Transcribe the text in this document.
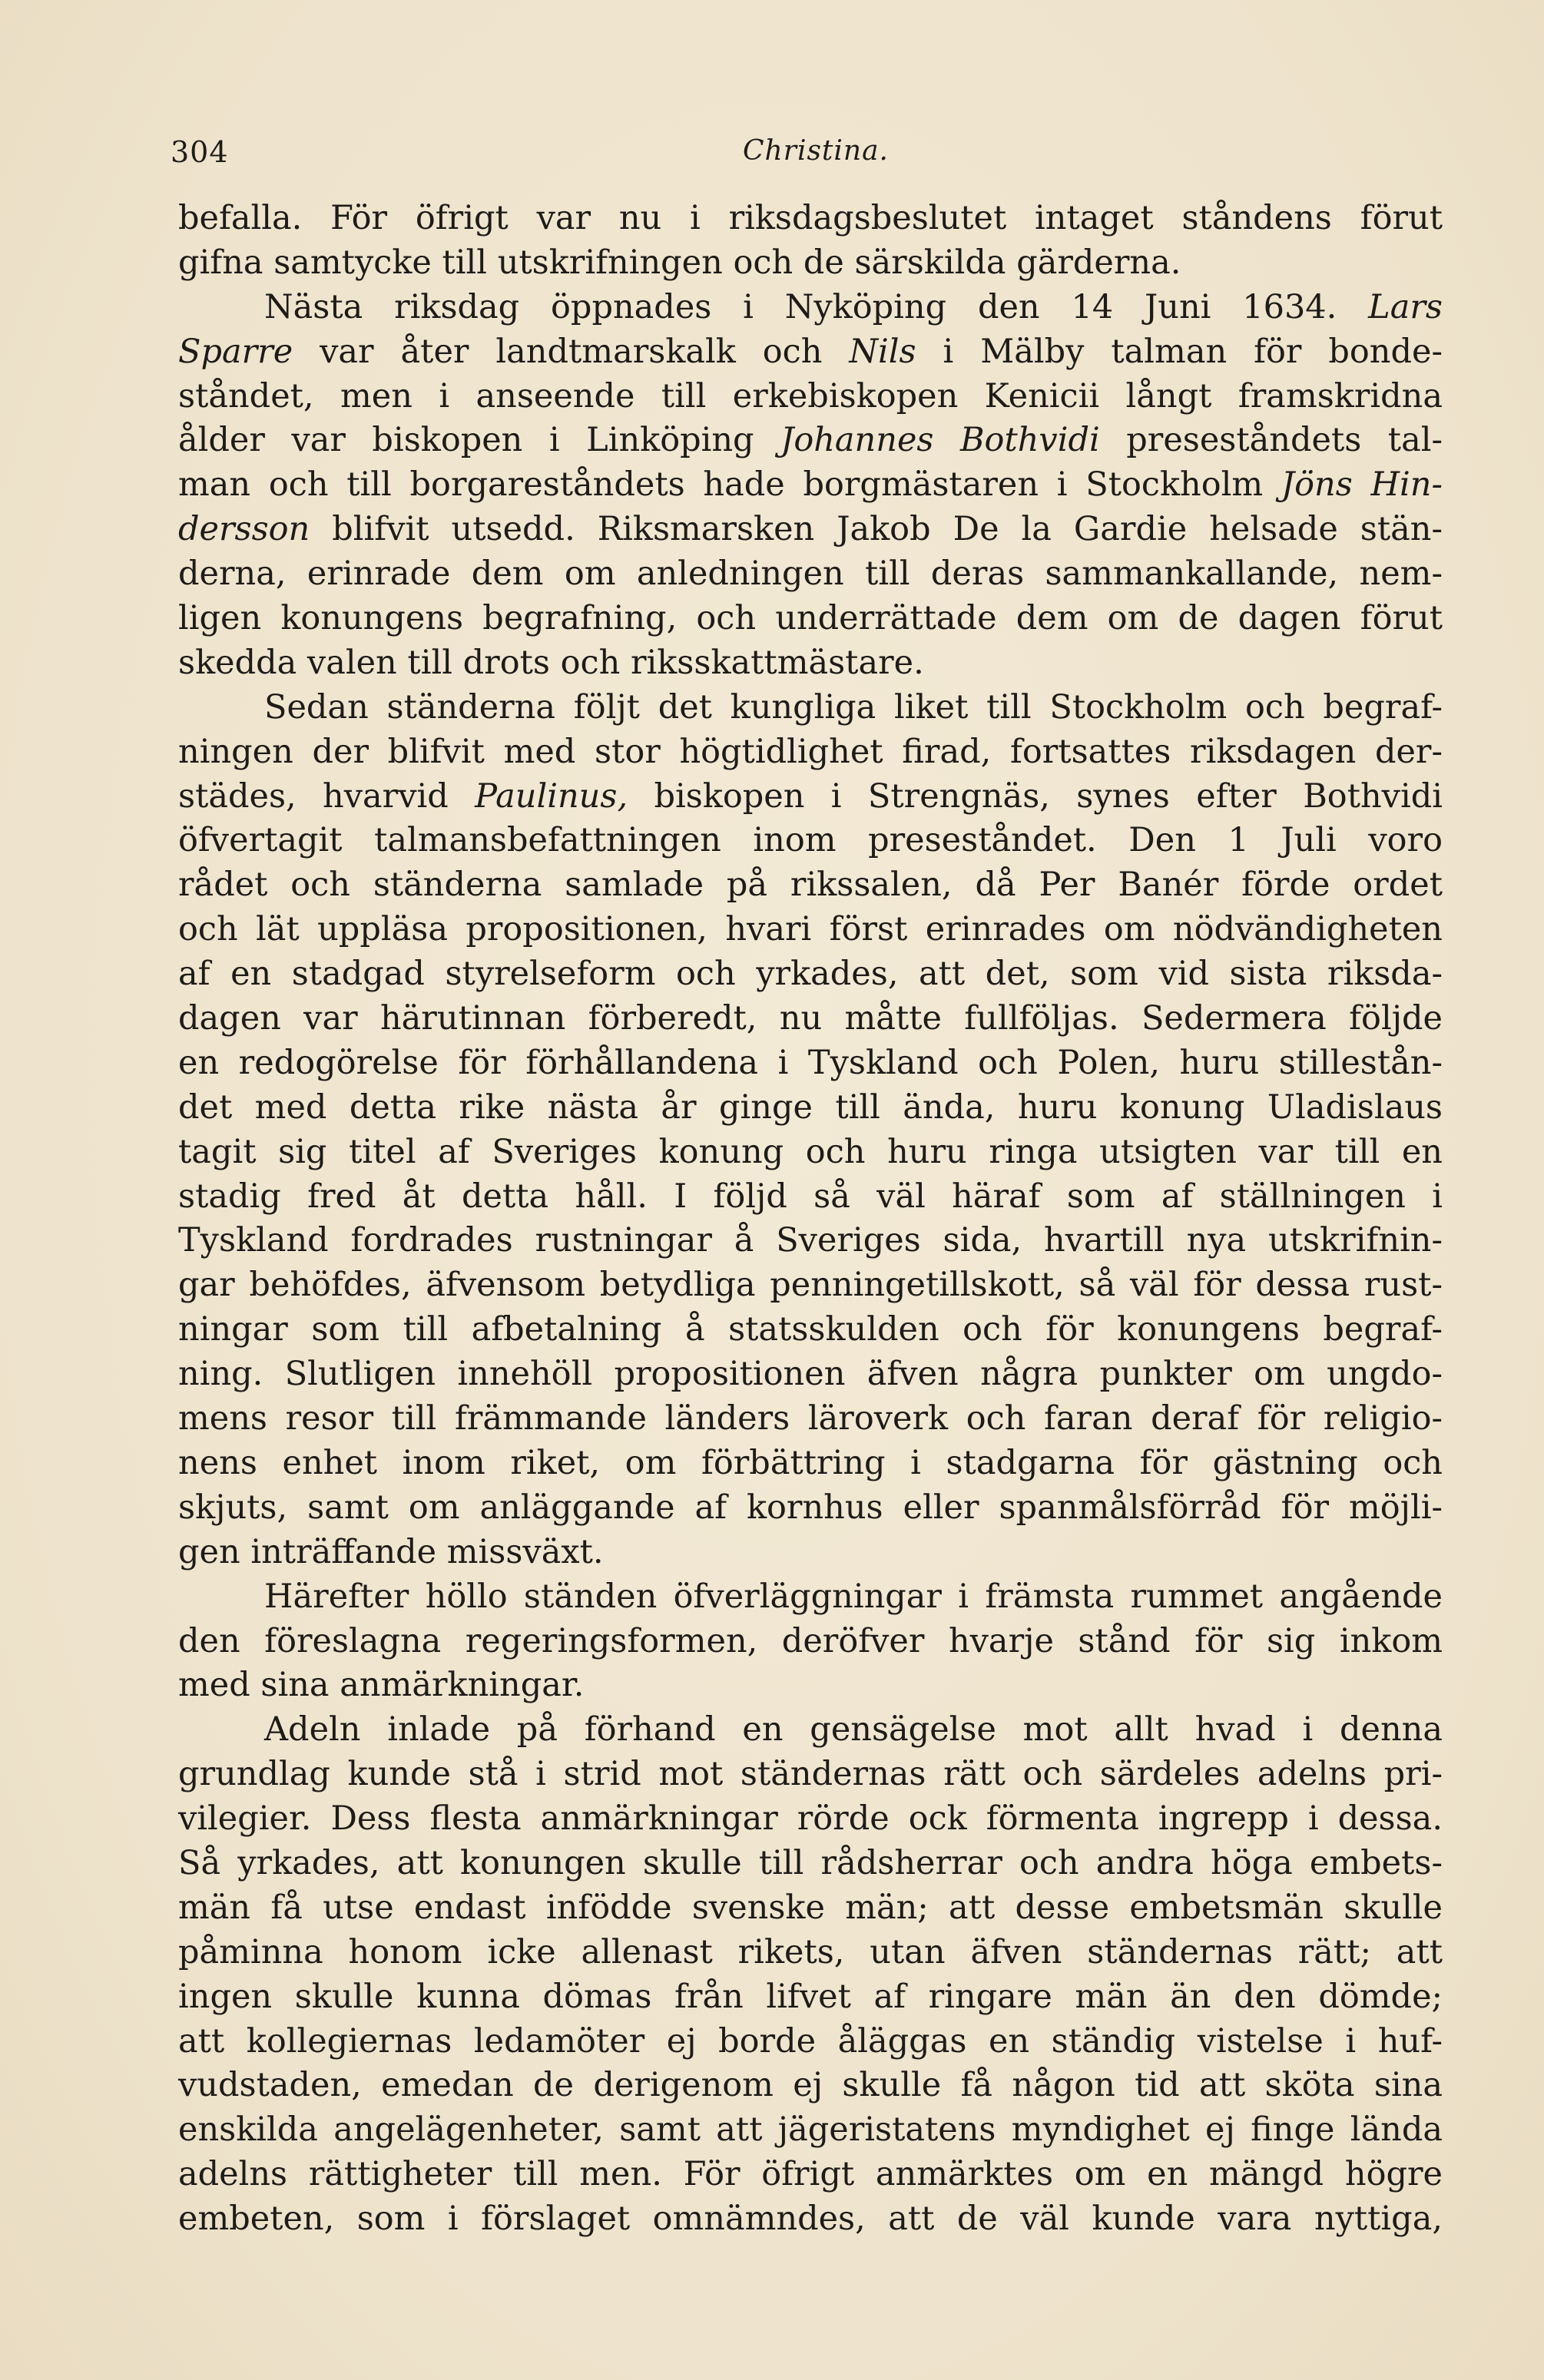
304	Christina.
befalla. För öfrigt var nu i riksdagsbeslutet intaget ståndens förut
gifna samtycke till utskrifningen och de särskilda gärderna.
Nästa riksdag öppnades i Nyköping den 14 Juni 1634. Lars
Sparre var åter landtmarskalk och Nils i Mälby talman för bonde-
ståndet, men i anseende till erkebiskopen Kenicii långt framskridna
ålder var biskopen i Linköping Johannes Bothvidi preseståndets tal-
man och till borgareståndets hade borgmästaren i Stockholm Jöns Hin-
dersson blifvit utsedd. Riksmarsken Jakob De la Gardie helsade stän-
derna, erinrade dem om anledningen till deras sammankallande, nem-
ligen konungens begrafning, och underrättade dem om de dagen förut
skedda valen till drots och riksskattmästare.
Sedan ständerna följt det kungliga liket till Stockholm och begraf-
ningen der blifvit med stor högtidlighet firad, fortsattes riksdagen der-
städes, hvarvid Paulinus, biskopen i Strengnäs, synes efter Bothvidi
öfvertagit talmansbefattningen inom preseståndet. Den 1 Juli voro
rådet och ständerna samlade på rikssalen, då Per Banér förde ordet
och lät uppläsa propositionen, hvari först erinrades om nödvändigheten
af en stadgad styrelseform och yrkades, att det, som vid sista riksda-
dagen var härutinnan förberedt, nu måtte fullföljas. Sedermera följde
en redogörelse för förhållandena i Tyskland och Polen, huru stillestån-
det med detta rike nästa år ginge till ända, huru konung Uladislaus
tagit sig titel af Sveriges konung och huru ringa utsigten var till en
stadig fred åt detta håll. I följd så väl häraf som af ställningen i
Tyskland fordrades rustningar å Sveriges sida, hvartill nya utskrifnin-
gar behöfdes, äfvensom betydliga penningetillskott, så väl för dessa rust-
ningar som till afbetalning å statsskulden och för konungens begraf-
ning. Slutligen innehöll propositionen äfven några punkter om ungdo-
mens resor till främmande länders läroverk och faran deraf för religio-
nens enhet inom riket, om förbättring i stadgarna för gästning och
skjuts, samt om anläggande af kornhus eller spanmålsförråd för möjli-
gen inträffande missväxt.
Härefter höllo ständen öfverläggningar i främsta rummet angående
den föreslagna regeringsformen, deröfver hvarje stånd för sig inkom
med sina anmärkningar.
Adeln inlade på förhand en gensägelse mot allt hvad i denna
grundlag kunde stå i strid mot ständernas rätt och särdeles adelns pri-
vilegier. Dess flesta anmärkningar rörde ock förmenta ingrepp i dessa.
Så yrkades, att konungen skulle till rådsherrar och andra höga embets-
män få utse endast infödde svenske män; att desse embetsmän skulle
påminna honom icke allenast rikets, utan äfven ständernas rätt; att
ingen skulle kunna dömas från lifvet af ringare män än den dömde;
att kollegiernas ledamöter ej borde åläggas en ständig vistelse i huf-
vudstaden, emedan de derigenom ej skulle få någon tid att sköta sina
enskilda angelägenheter, samt att jägeristatens myndighet ej finge lända
adelns rättigheter till men. För öfrigt anmärktes om en mängd högre
embeten, som i förslaget omnämndes, att de väl kunde vara nyttiga,
